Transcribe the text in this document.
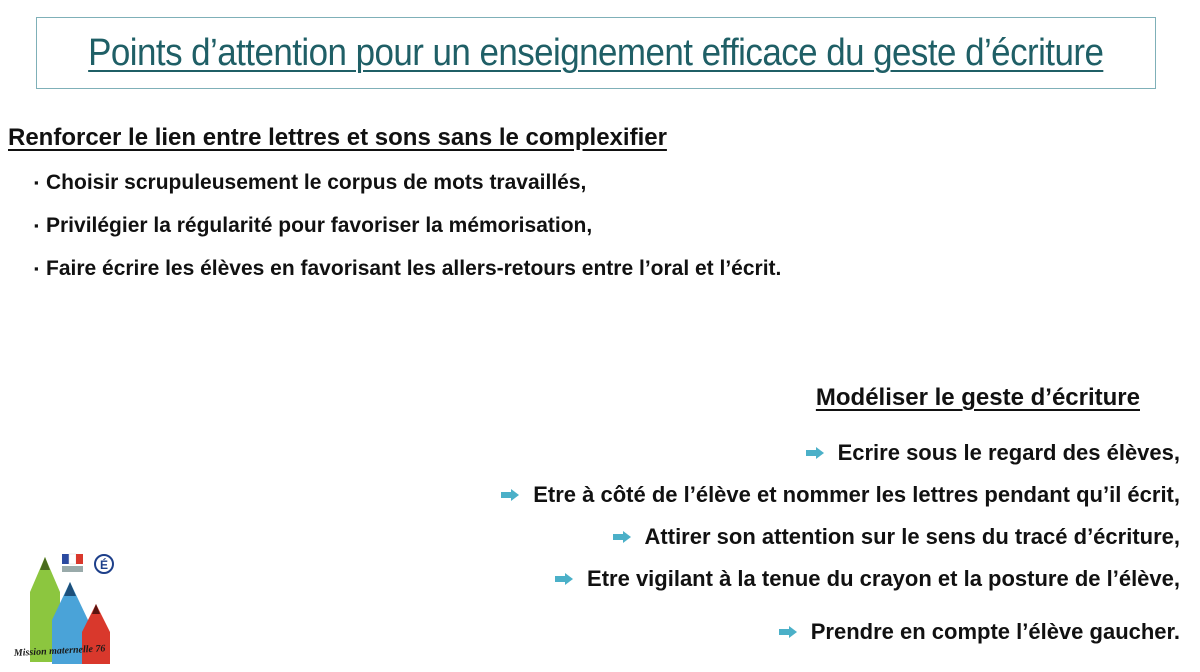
Points d’attention pour un enseignement efficace du geste d’écriture
Renforcer le lien entre lettres et sons sans le complexifier
▪ Choisir scrupuleusement le corpus de mots travaillés,
▪ Privilégier la régularité pour favoriser la mémorisation,
▪ Faire écrire les élèves en favorisant les allers-retours entre l’oral et l’écrit.
Modéliser le geste d’écriture
Ecrire sous le regard des élèves,
Etre à côté de l’élève et nommer les lettres pendant qu’il écrit,
Attirer son attention sur le sens du tracé d’écriture,
Etre vigilant à la tenue du crayon et la posture de l’élève,
Prendre en compte l’élève gaucher.
É
Mission maternelle 76
